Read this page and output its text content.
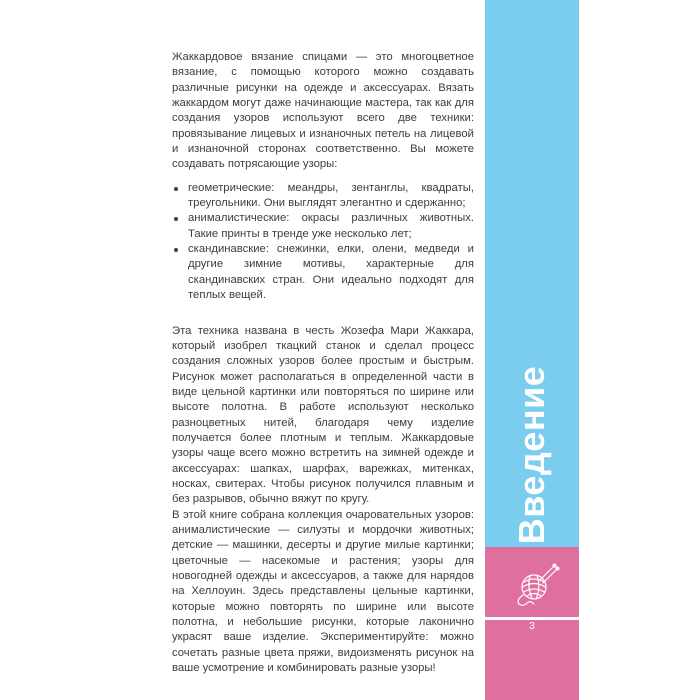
Жаккардовое вязание спицами — это многоцветное вязание, с помощью которого можно создавать различные рисунки на одежде и аксессуарах. Вязать жаккардом могут даже начинающие мастера, так как для создания узоров используют всего две техники: провязывание лицевых и изнаночных петель на лицевой и изнаночной сторонах соответственно. Вы можете создавать потрясающие узоры:

геометрические: меандры, зентанглы, квадраты, треугольники. Они выглядят элегантно и сдержанно;
анималистические: окрасы различных животных. Такие принты в тренде уже несколько лет;
скандинавские: снежинки, елки, олени, медведи и другие зимние мотивы, характерные для скандинавских стран. Они идеально подходят для теплых вещей.

Эта техника названа в честь Жозефа Мари Жаккара, который изобрел ткацкий станок и сделал процесс создания сложных узоров более простым и быстрым. Рисунок может располагаться в определенной части в виде цельной картинки или повторяться по ширине или высоте полотна. В работе используют несколько разноцветных нитей, благодаря чему изделие получается более плотным и теплым. Жаккардовые узоры чаще всего можно встретить на зимней одежде и аксессуарах: шапках, шарфах, варежках, митенках, носках, свитерах. Чтобы рисунок получился плавным и без разрывов, обычно вяжут по кругу.

В этой книге собрана коллекция очаровательных узоров: анималистические — силуэты и мордочки животных; детские — машинки, десерты и другие милые картинки; цветочные — насекомые и растения; узоры для новогодней одежды и аксессуаров, а также для нарядов на Хеллоуин. Здесь представлены цельные картинки, которые можно повторять по ширине или высоте полотна, и небольшие рисунки, которые лаконично украсят ваше изделие. Экспериментируйте: можно сочетать разные цвета пряжи, видоизменять рисунок на ваше усмотрение и комбинировать разные узоры!

Введение
3
